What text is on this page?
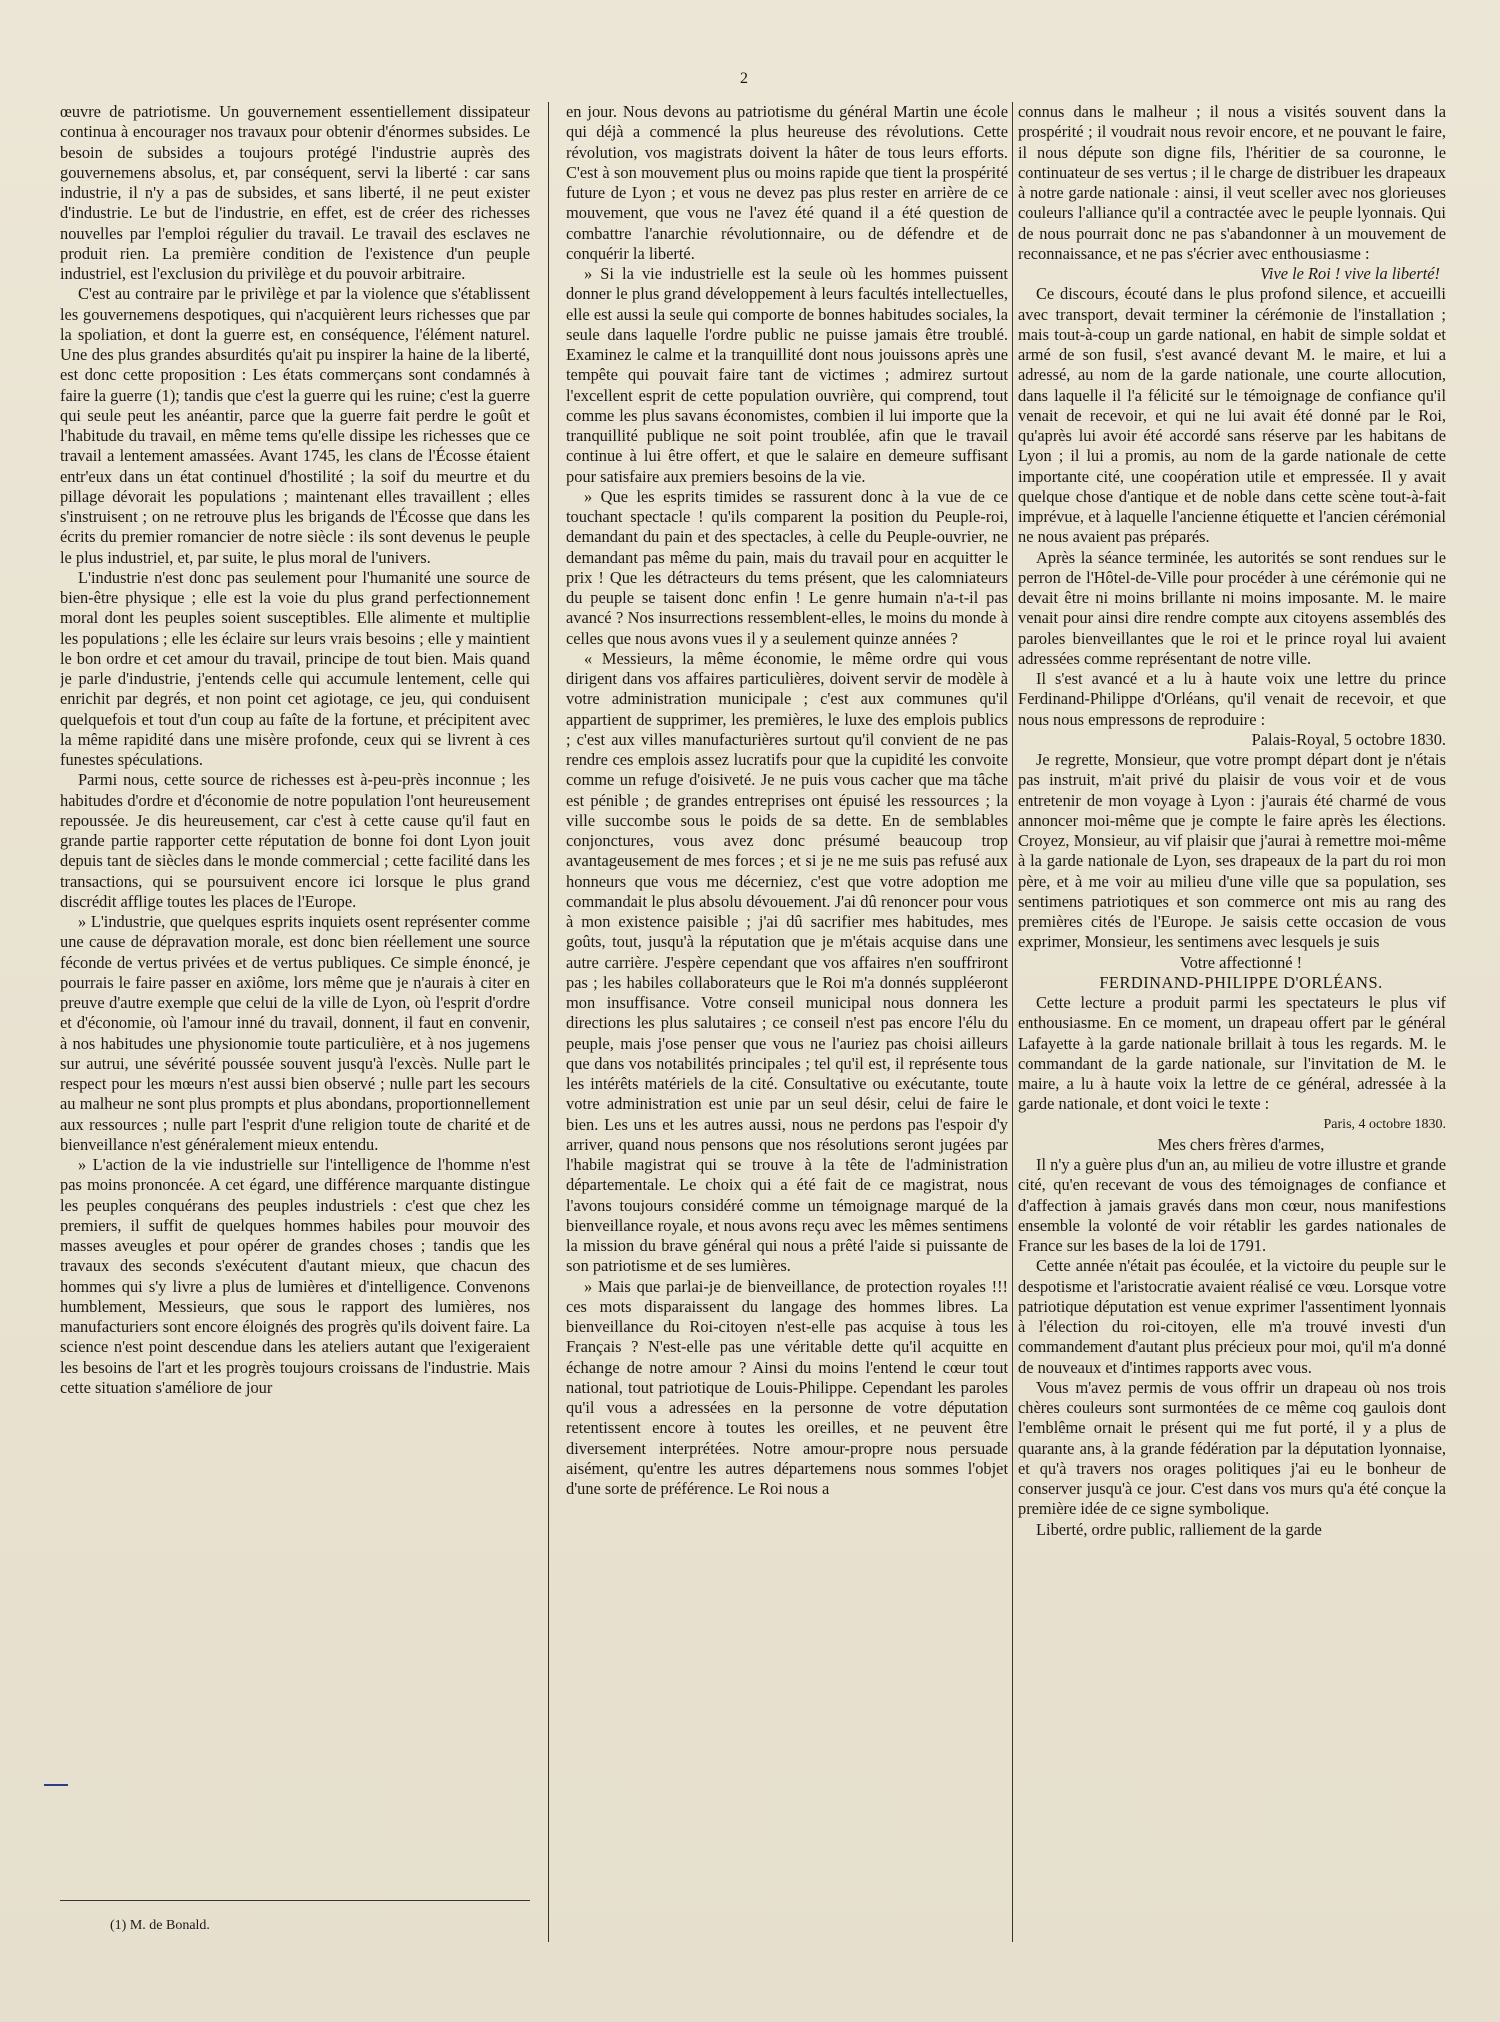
2

œuvre de patriotisme. Un gouvernement essentiellement dissipateur continua à encourager nos travaux pour obtenir d'énormes subsides. Le besoin de subsides a toujours protégé l'industrie auprès des gouvernemens absolus, et, par conséquent, servi la liberté : car sans industrie, il n'y a pas de subsides, et sans liberté, il ne peut exister d'industrie. Le but de l'industrie, en effet, est de créer des richesses nouvelles par l'emploi régulier du travail. Le travail des esclaves ne produit rien. La première condition de l'existence d'un peuple industriel, est l'exclusion du privilège et du pouvoir arbitraire.

C'est au contraire par le privilège et par la violence que s'établissent les gouvernemens despotiques, qui n'acquièrent leurs richesses que par la spoliation, et dont la guerre est, en conséquence, l'élément naturel. Une des plus grandes absurdités qu'ait pu inspirer la haine de la liberté, est donc cette proposition : Les états commerçans sont condamnés à faire la guerre (1); tandis que c'est la guerre qui les ruine; c'est la guerre qui seule peut les anéantir, parce que la guerre fait perdre le goût et l'habitude du travail, en même tems qu'elle dissipe les richesses que ce travail a lentement amassées. Avant 1745, les clans de l'Écosse étaient entr'eux dans un état continuel d'hostilité ; la soif du meurtre et du pillage dévorait les populations ; maintenant elles travaillent ; elles s'instruisent ; on ne retrouve plus les brigands de l'Écosse que dans les écrits du premier romancier de notre siècle : ils sont devenus le peuple le plus industriel, et, par suite, le plus moral de l'univers.

L'industrie n'est donc pas seulement pour l'humanité une source de bien-être physique ; elle est la voie du plus grand perfectionnement moral dont les peuples soient susceptibles. Elle alimente et multiplie les populations ; elle les éclaire sur leurs vrais besoins ; elle y maintient le bon ordre et cet amour du travail, principe de tout bien. Mais quand je parle d'industrie, j'entends celle qui accumule lentement, celle qui enrichit par degrés, et non point cet agiotage, ce jeu, qui conduisent quelquefois et tout d'un coup au faîte de la fortune, et précipitent avec la même rapidité dans une misère profonde, ceux qui se livrent à ces funestes spéculations.

Parmi nous, cette source de richesses est à-peu-près inconnue ; les habitudes d'ordre et d'économie de notre population l'ont heureusement repoussée. Je dis heureusement, car c'est à cette cause qu'il faut en grande partie rapporter cette réputation de bonne foi dont Lyon jouit depuis tant de siècles dans le monde commercial ; cette facilité dans les transactions, qui se poursuivent encore ici lorsque le plus grand discrédit afflige toutes les places de l'Europe.

» L'industrie, que quelques esprits inquiets osent représenter comme une cause de dépravation morale, est donc bien réellement une source féconde de vertus privées et de vertus publiques. Ce simple énoncé, je pourrais le faire passer en axiôme, lors même que je n'aurais à citer en preuve d'autre exemple que celui de la ville de Lyon, où l'esprit d'ordre et d'économie, où l'amour inné du travail, donnent, il faut en convenir, à nos habitudes une physionomie toute particulière, et à nos jugemens sur autrui, une sévérité poussée souvent jusqu'à l'excès. Nulle part le respect pour les mœurs n'est aussi bien observé ; nulle part les secours au malheur ne sont plus prompts et plus abondans, proportionnellement aux ressources ; nulle part l'esprit d'une religion toute de charité et de bienveillance n'est généralement mieux entendu.

» L'action de la vie industrielle sur l'intelligence de l'homme n'est pas moins prononcée. A cet égard, une différence marquante distingue les peuples conquérans des peuples industriels : c'est que chez les premiers, il suffit de quelques hommes habiles pour mouvoir des masses aveugles et pour opérer de grandes choses ; tandis que les travaux des seconds s'exécutent d'autant mieux, que chacun des hommes qui s'y livre a plus de lumières et d'intelligence. Convenons humblement, Messieurs, que sous le rapport des lumières, nos manufacturiers sont encore éloignés des progrès qu'ils doivent faire. La science n'est point descendue dans les ateliers autant que l'exigeraient les besoins de l'art et les progrès toujours croissans de l'industrie. Mais cette situation s'améliore de jour

(1) M. de Bonald.

en jour. Nous devons au patriotisme du général Martin une école qui déjà a commencé la plus heureuse des révolutions. Cette révolution, vos magistrats doivent la hâter de tous leurs efforts. C'est à son mouvement plus ou moins rapide que tient la prospérité future de Lyon ; et vous ne devez pas plus rester en arrière de ce mouvement, que vous ne l'avez été quand il a été question de combattre l'anarchie révolutionnaire, ou de défendre et de conquérir la liberté.

» Si la vie industrielle est la seule où les hommes puissent donner le plus grand développement à leurs facultés intellectuelles, elle est aussi la seule qui comporte de bonnes habitudes sociales, la seule dans laquelle l'ordre public ne puisse jamais être troublé. Examinez le calme et la tranquillité dont nous jouissons après une tempête qui pouvait faire tant de victimes ; admirez surtout l'excellent esprit de cette population ouvrière, qui comprend, tout comme les plus savans économistes, combien il lui importe que la tranquillité publique ne soit point troublée, afin que le travail continue à lui être offert, et que le salaire en demeure suffisant pour satisfaire aux premiers besoins de la vie.

» Que les esprits timides se rassurent donc à la vue de ce touchant spectacle ! qu'ils comparent la position du Peuple-roi, demandant du pain et des spectacles, à celle du Peuple-ouvrier, ne demandant pas même du pain, mais du travail pour en acquitter le prix ! Que les détracteurs du tems présent, que les calomniateurs du peuple se taisent donc enfin ! Le genre humain n'a-t-il pas avancé ? Nos insurrections ressemblent-elles, le moins du monde à celles que nous avons vues il y a seulement quinze années ?

« Messieurs, la même économie, le même ordre qui vous dirigent dans vos affaires particulières, doivent servir de modèle à votre administration municipale ; c'est aux communes qu'il appartient de supprimer, les premières, le luxe des emplois publics ; c'est aux villes manufacturières surtout qu'il convient de ne pas rendre ces emplois assez lucratifs pour que la cupidité les convoite comme un refuge d'oisiveté. Je ne puis vous cacher que ma tâche est pénible ; de grandes entreprises ont épuisé les ressources ; la ville succombe sous le poids de sa dette. En de semblables conjonctures, vous avez donc présumé beaucoup trop avantageusement de mes forces ; et si je ne me suis pas refusé aux honneurs que vous me décerniez, c'est que votre adoption me commandait le plus absolu dévouement. J'ai dû renoncer pour vous à mon existence paisible ; j'ai dû sacrifier mes habitudes, mes goûts, tout, jusqu'à la réputation que je m'étais acquise dans une autre carrière. J'espère cependant que vos affaires n'en souffriront pas ; les habiles collaborateurs que le Roi m'a donnés suppléeront mon insuffisance. Votre conseil municipal nous donnera les directions les plus salutaires ; ce conseil n'est pas encore l'élu du peuple, mais j'ose penser que vous ne l'auriez pas choisi ailleurs que dans vos notabilités principales ; tel qu'il est, il représente tous les intérêts matériels de la cité. Consultative ou exécutante, toute votre administration est unie par un seul désir, celui de faire le bien. Les uns et les autres aussi, nous ne perdons pas l'espoir d'y arriver, quand nous pensons que nos résolutions seront jugées par l'habile magistrat qui se trouve à la tête de l'administration départementale. Le choix qui a été fait de ce magistrat, nous l'avons toujours considéré comme un témoignage marqué de la bienveillance royale, et nous avons reçu avec les mêmes sentimens la mission du brave général qui nous a prêté l'aide si puissante de son patriotisme et de ses lumières.

» Mais que parlai-je de bienveillance, de protection royales !!! ces mots disparaissent du langage des hommes libres. La bienveillance du Roi-citoyen n'est-elle pas acquise à tous les Français ? N'est-elle pas une véritable dette qu'il acquitte en échange de notre amour ? Ainsi du moins l'entend le cœur tout national, tout patriotique de Louis-Philippe. Cependant les paroles qu'il vous a adressées en la personne de votre députation retentissent encore à toutes les oreilles, et ne peuvent être diversement interprétées. Notre amour-propre nous persuade aisément, qu'entre les autres départemens nous sommes l'objet d'une sorte de préférence. Le Roi nous a

connus dans le malheur ; il nous a visités souvent dans la prospérité ; il voudrait nous revoir encore, et ne pouvant le faire, il nous députe son digne fils, l'héritier de sa couronne, le continuateur de ses vertus ; il le charge de distribuer les drapeaux à notre garde nationale : ainsi, il veut sceller avec nos glorieuses couleurs l'alliance qu'il a contractée avec le peuple lyonnais. Qui de nous pourrait donc ne pas s'abandonner à un mouvement de reconnaissance, et ne pas s'écrier avec enthousiasme :

Vive le Roi ! vive la liberté!

Ce discours, écouté dans le plus profond silence, et accueilli avec transport, devait terminer la cérémonie de l'installation ; mais tout-à-coup un garde national, en habit de simple soldat et armé de son fusil, s'est avancé devant M. le maire, et lui a adressé, au nom de la garde nationale, une courte allocution, dans laquelle il l'a félicité sur le témoignage de confiance qu'il venait de recevoir, et qui ne lui avait été donné par le Roi, qu'après lui avoir été accordé sans réserve par les habitans de Lyon ; il lui a promis, au nom de la garde nationale de cette importante cité, une coopération utile et empressée. Il y avait quelque chose d'antique et de noble dans cette scène tout-à-fait imprévue, et à laquelle l'ancienne étiquette et l'ancien cérémonial ne nous avaient pas préparés.

Après la séance terminée, les autorités se sont rendues sur le perron de l'Hôtel-de-Ville pour procéder à une cérémonie qui ne devait être ni moins brillante ni moins imposante. M. le maire venait pour ainsi dire rendre compte aux citoyens assemblés des paroles bienveillantes que le roi et le prince royal lui avaient adressées comme représentant de notre ville.

Il s'est avancé et a lu à haute voix une lettre du prince Ferdinand-Philippe d'Orléans, qu'il venait de recevoir, et que nous nous empressons de reproduire :

Palais-Royal, 5 octobre 1830.

Je regrette, Monsieur, que votre prompt départ dont je n'étais pas instruit, m'ait privé du plaisir de vous voir et de vous entretenir de mon voyage à Lyon : j'aurais été charmé de vous annoncer moi-même que je compte le faire après les élections. Croyez, Monsieur, au vif plaisir que j'aurai à remettre moi-même à la garde nationale de Lyon, ses drapeaux de la part du roi mon père, et à me voir au milieu d'une ville que sa population, ses sentimens patriotiques et son commerce ont mis au rang des premières cités de l'Europe. Je saisis cette occasion de vous exprimer, Monsieur, les sentimens avec lesquels je suis

Votre affectionné !

FERDINAND-PHILIPPE D'ORLÉANS.

Cette lecture a produit parmi les spectateurs le plus vif enthousiasme. En ce moment, un drapeau offert par le général Lafayette à la garde nationale brillait à tous les regards. M. le commandant de la garde nationale, sur l'invitation de M. le maire, a lu à haute voix la lettre de ce général, adressée à la garde nationale, et dont voici le texte :

Paris, 4 octobre 1830.

Mes chers frères d'armes,

Il n'y a guère plus d'un an, au milieu de votre illustre et grande cité, qu'en recevant de vous des témoignages de confiance et d'affection à jamais gravés dans mon cœur, nous manifestions ensemble la volonté de voir rétablir les gardes nationales de France sur les bases de la loi de 1791.

Cette année n'était pas écoulée, et la victoire du peuple sur le despotisme et l'aristocratie avaient réalisé ce vœu. Lorsque votre patriotique députation est venue exprimer l'assentiment lyonnais à l'élection du roi-citoyen, elle m'a trouvé investi d'un commandement d'autant plus précieux pour moi, qu'il m'a donné de nouveaux et d'intimes rapports avec vous.

Vous m'avez permis de vous offrir un drapeau où nos trois chères couleurs sont surmontées de ce même coq gaulois dont l'emblême ornait le présent qui me fut porté, il y a plus de quarante ans, à la grande fédération par la députation lyonnaise, et qu'à travers nos orages politiques j'ai eu le bonheur de conserver jusqu'à ce jour. C'est dans vos murs qu'a été conçue la première idée de ce signe symbolique.

Liberté, ordre public, ralliement de la garde
